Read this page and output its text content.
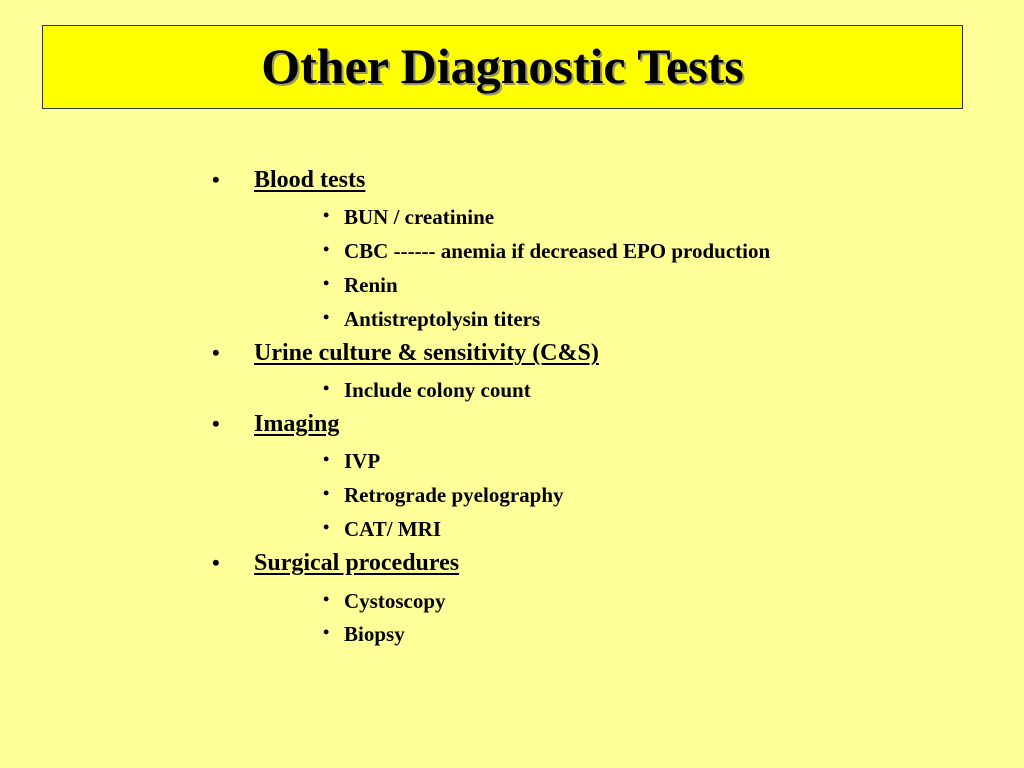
Other Diagnostic Tests
• Blood tests
• BUN / creatinine
• CBC ------ anemia if decreased EPO production
• Renin
• Antistreptolysin titers
• Urine culture & sensitivity (C&S)
• Include colony count
• Imaging
• IVP
• Retrograde pyelography
• CAT/ MRI
• Surgical procedures
• Cystoscopy
• Biopsy
